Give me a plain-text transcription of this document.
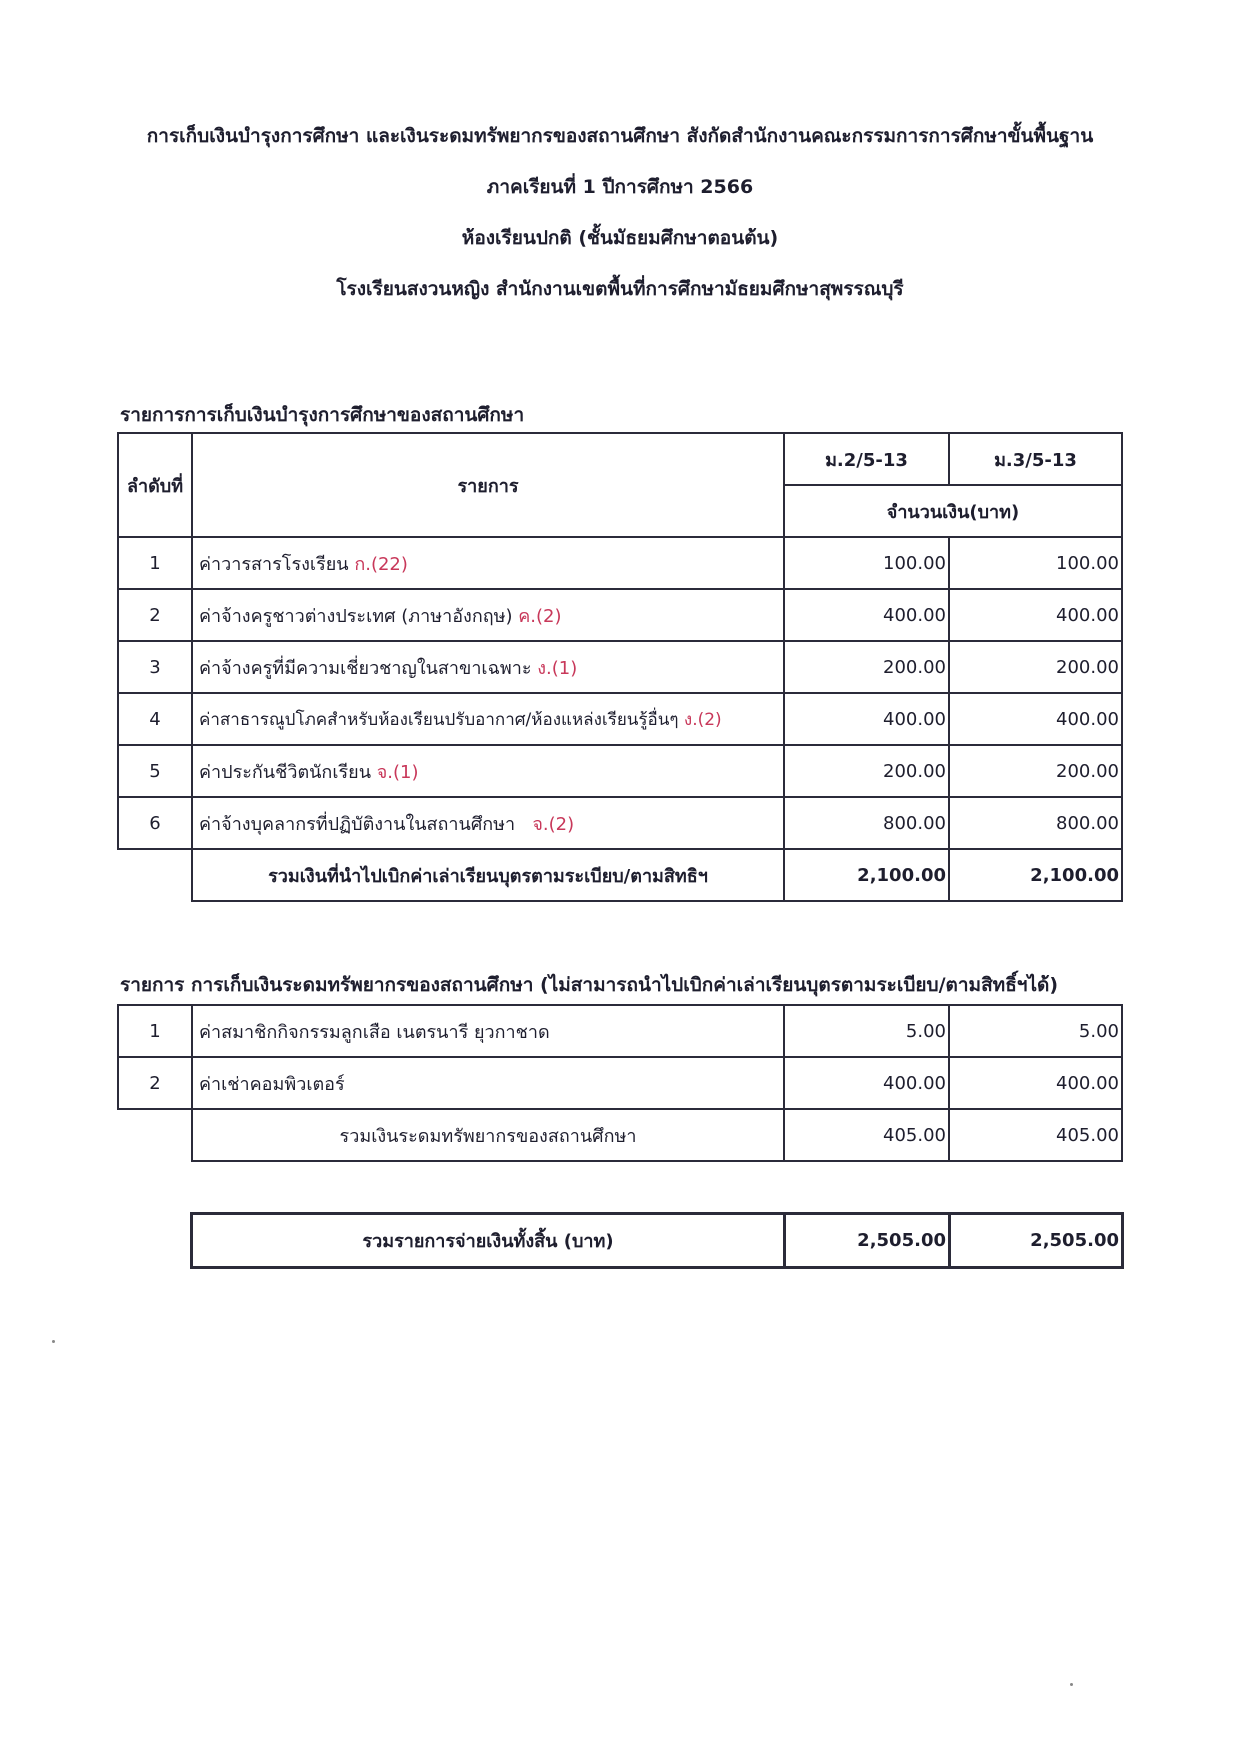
การเก็บเงินบำรุงการศึกษา และเงินระดมทรัพยากรของสถานศึกษา สังกัดสำนักงานคณะกรรมการการศึกษาขั้นพื้นฐาน
ภาคเรียนที่ 1 ปีการศึกษา 2566
ห้องเรียนปกติ (ชั้นมัธยมศึกษาตอนต้น)
โรงเรียนสงวนหญิง สำนักงานเขตพื้นที่การศึกษามัธยมศึกษาสุพรรณบุรี
รายการการเก็บเงินบำรุงการศึกษาของสถานศึกษา
ลำดับที่	รายการ	ม.2/5-13	ม.3/5-13
		จำนวนเงิน(บาท)	
1	ค่าวารสารโรงเรียน ก.(22)	100.00	100.00
2	ค่าจ้างครูชาวต่างประเทศ (ภาษาอังกฤษ) ค.(2)	400.00	400.00
3	ค่าจ้างครูที่มีความเชี่ยวชาญในสาขาเฉพาะ ง.(1)	200.00	200.00
4	ค่าสาธารณูปโภคสำหรับห้องเรียนปรับอากาศ/ห้องแหล่งเรียนรู้อื่นๆ ง.(2)	400.00	400.00
5	ค่าประกันชีวิตนักเรียน จ.(1)	200.00	200.00
6	ค่าจ้างบุคลากรที่ปฏิบัติงานในสถานศึกษา จ.(2)	800.00	800.00
	รวมเงินที่นำไปเบิกค่าเล่าเรียนบุตรตามระเบียบ/ตามสิทธิฯ	2,100.00	2,100.00
รายการ การเก็บเงินระดมทรัพยากรของสถานศึกษา (ไม่สามารถนำไปเบิกค่าเล่าเรียนบุตรตามระเบียบ/ตามสิทธิ์ฯได้)
1	ค่าสมาชิกกิจกรรมลูกเสือ เนตรนารี ยุวกาชาด	5.00	5.00
2	ค่าเช่าคอมพิวเตอร์	400.00	400.00
	รวมเงินระดมทรัพยากรของสถานศึกษา	405.00	405.00
รวมรายการจ่ายเงินทั้งสิ้น (บาท)	2,505.00	2,505.00
